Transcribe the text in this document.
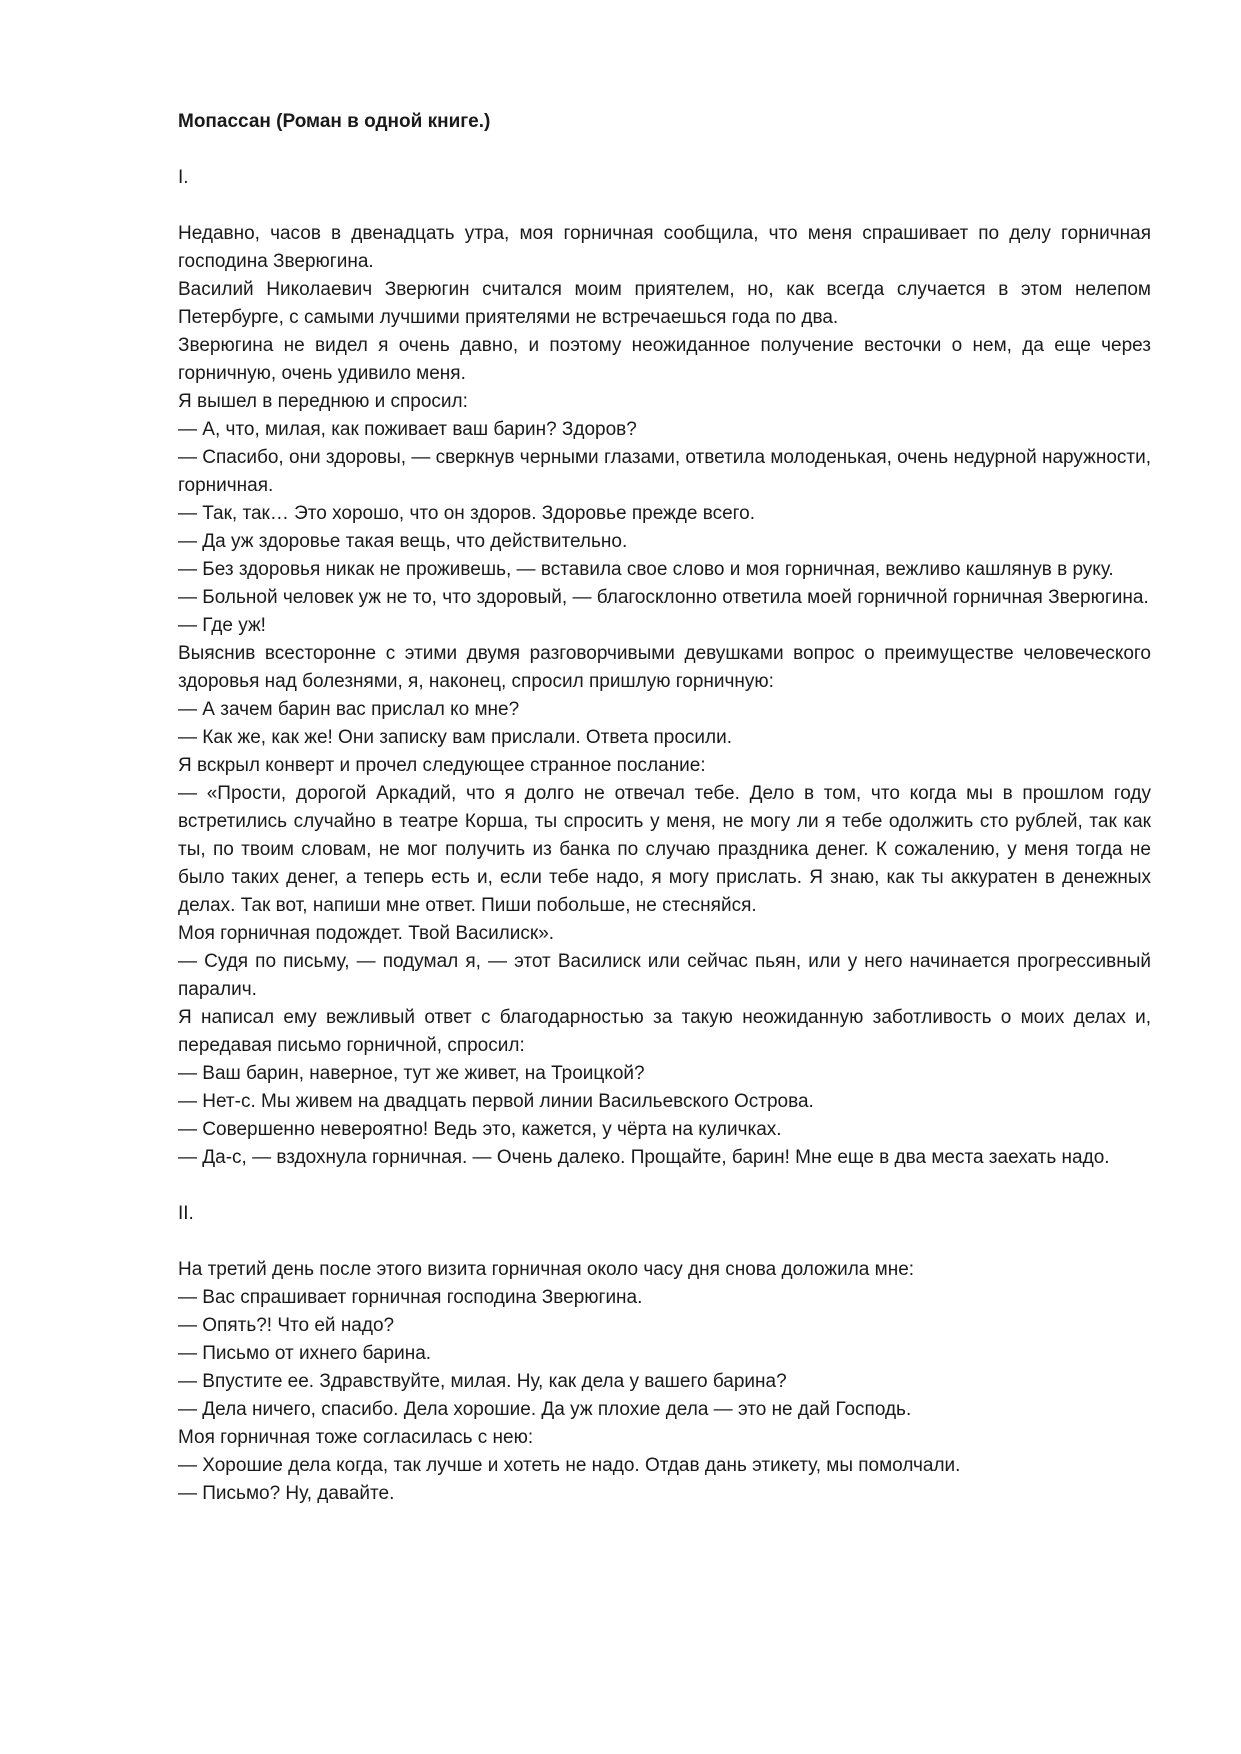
Мопассан (Роман в одной книге.)

I.

Недавно, часов в двенадцать утра, моя горничная сообщила, что меня спрашивает по делу горничная господина Зверюгина.

Василий Николаевич Зверюгин считался моим приятелем, но, как всегда случается в этом нелепом Петербурге, с самыми лучшими приятелями не встречаешься года по два.

Зверюгина не видел я очень давно, и поэтому неожиданное получение весточки о нем, да еще через горничную, очень удивило меня.

Я вышел в переднюю и спросил:

— А, что, милая, как поживает ваш барин? Здоров?

— Спасибо, они здоровы, — сверкнув черными глазами, ответила молоденькая, очень недурной наружности, горничная.

— Так, так… Это хорошо, что он здоров. Здоровье прежде всего.

— Да уж здоровье такая вещь, что действительно.

— Без здоровья никак не проживешь, — вставила свое слово и моя горничная, вежливо кашлянув в руку.

— Больной человек уж не то, что здоровый, — благосклонно ответила моей горничной горничная Зверюгина.

— Где уж!

Выяснив всесторонне с этими двумя разговорчивыми девушками вопрос о преимуществе человеческого здоровья над болезнями, я, наконец, спросил пришлую горничную:

— А зачем барин вас прислал ко мне?

— Как же, как же! Они записку вам прислали. Ответа просили.

Я вскрыл конверт и прочел следующее странное послание:

— «Прости, дорогой Аркадий, что я долго не отвечал тебе. Дело в том, что когда мы в прошлом году встретились случайно в театре Корша, ты спросить у меня, не могу ли я тебе одолжить сто рублей, так как ты, по твоим словам, не мог получить из банка по случаю праздника денег. К сожалению, у меня тогда не было таких денег, а теперь есть и, если тебе надо, я могу прислать. Я знаю, как ты аккуратен в денежных делах. Так вот, напиши мне ответ. Пиши побольше, не стесняйся.

Моя горничная подождет. Твой Василиск».

— Судя по письму, — подумал я, — этот Василиск или сейчас пьян, или у него начинается прогрессивный паралич.

Я написал ему вежливый ответ с благодарностью за такую неожиданную заботливость о моих делах и, передавая письмо горничной, спросил:

— Ваш барин, наверное, тут же живет, на Троицкой?

— Нет-с. Мы живем на двадцать первой линии Васильевского Острова.

— Совершенно невероятно! Ведь это, кажется, у чёрта на куличках.

— Да-с, — вздохнула горничная. — Очень далеко. Прощайте, барин! Мне еще в два места заехать надо.

II.

На третий день после этого визита горничная около часу дня снова доложила мне:

— Вас спрашивает горничная господина Зверюгина.

— Опять?! Что ей надо?

— Письмо от ихнего барина.

— Впустите ее. Здравствуйте, милая. Ну, как дела у вашего барина?

— Дела ничего, спасибо. Дела хорошие. Да уж плохие дела — это не дай Господь.

Моя горничная тоже согласилась с нею:

— Хорошие дела когда, так лучше и хотеть не надо. Отдав дань этикету, мы помолчали.

— Письмо? Ну, давайте.
